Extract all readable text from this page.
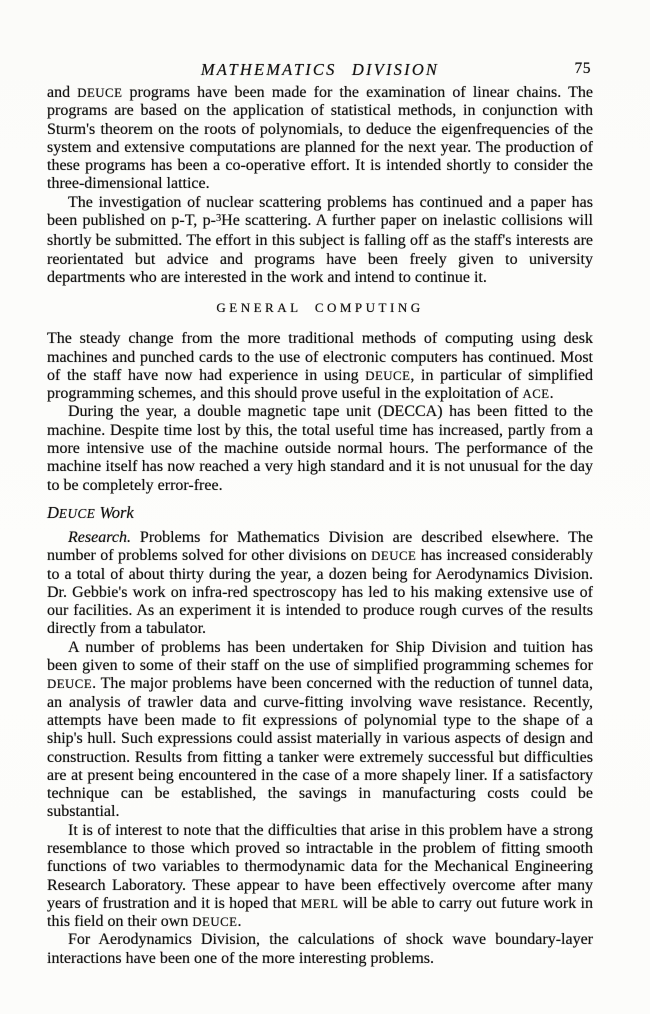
MATHEMATICS DIVISION	75

and DEUCE programs have been made for the examination of linear chains. The programs are based on the application of statistical methods, in conjunction with Sturm's theorem on the roots of polynomials, to deduce the eigenfrequencies of the system and extensive computations are planned for the next year. The production of these programs has been a co-operative effort. It is intended shortly to consider the three-dimensional lattice.

The investigation of nuclear scattering problems has continued and a paper has been published on p-T, p-$^3$He scattering. A further paper on inelastic collisions will shortly be submitted. The effort in this subject is falling off as the staff's interests are reorientated but advice and programs have been freely given to university departments who are interested in the work and intend to continue it.

GENERAL COMPUTING

The steady change from the more traditional methods of computing using desk machines and punched cards to the use of electronic computers has continued. Most of the staff have now had experience in using DEUCE, in particular of simplified programming schemes, and this should prove useful in the exploitation of ACE.

During the year, a double magnetic tape unit (DECCA) has been fitted to the machine. Despite time lost by this, the total useful time has increased, partly from a more intensive use of the machine outside normal hours. The performance of the machine itself has now reached a very high standard and it is not unusual for the day to be completely error-free.

DEUCE Work

Research. Problems for Mathematics Division are described elsewhere. The number of problems solved for other divisions on DEUCE has increased considerably to a total of about thirty during the year, a dozen being for Aerodynamics Division. Dr. Gebbie's work on infra-red spectroscopy has led to his making extensive use of our facilities. As an experiment it is intended to produce rough curves of the results directly from a tabulator.

A number of problems has been undertaken for Ship Division and tuition has been given to some of their staff on the use of simplified programming schemes for DEUCE. The major problems have been concerned with the reduction of tunnel data, an analysis of trawler data and curve-fitting involving wave resistance. Recently, attempts have been made to fit expressions of polynomial type to the shape of a ship's hull. Such expressions could assist materially in various aspects of design and construction. Results from fitting a tanker were extremely successful but difficulties are at present being encountered in the case of a more shapely liner. If a satisfactory technique can be established, the savings in manufacturing costs could be substantial.

It is of interest to note that the difficulties that arise in this problem have a strong resemblance to those which proved so intractable in the problem of fitting smooth functions of two variables to thermodynamic data for the Mechanical Engineering Research Laboratory. These appear to have been effectively overcome after many years of frustration and it is hoped that MERL will be able to carry out future work in this field on their own DEUCE.

For Aerodynamics Division, the calculations of shock wave boundary-layer interactions have been one of the more interesting problems.
